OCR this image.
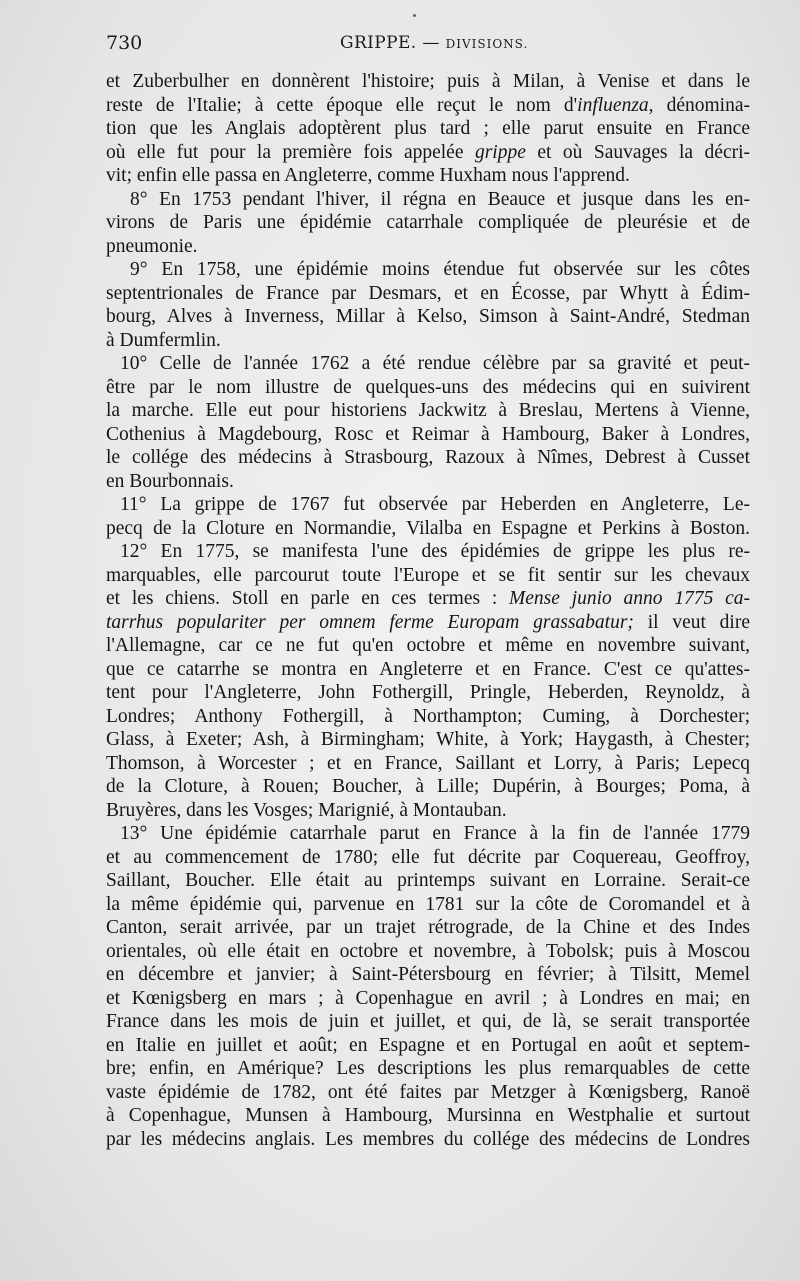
730	GRIPPE. — DIVISIONS.
et Zuberbulher en donnèrent l'histoire; puis à Milan, à Venise et dans le
reste de l'Italie; à cette époque elle reçut le nom d'influenza, dénomina-
tion que les Anglais adoptèrent plus tard ; elle parut ensuite en France
où elle fut pour la première fois appelée grippe et où Sauvages la décri-
vit; enfin elle passa en Angleterre, comme Huxham nous l'apprend.
8° En 1753 pendant l'hiver, il régna en Beauce et jusque dans les en-
virons de Paris une épidémie catarrhale compliquée de pleurésie et de
pneumonie.
9° En 1758, une épidémie moins étendue fut observée sur les côtes
septentrionales de France par Desmars, et en Écosse, par Whytt à Édim-
bourg, Alves à Inverness, Millar à Kelso, Simson à Saint-André, Stedman
à Dumfermlin.
10° Celle de l'année 1762 a été rendue célèbre par sa gravité et peut-
être par le nom illustre de quelques-uns des médecins qui en suivirent
la marche. Elle eut pour historiens Jackwitz à Breslau, Mertens à Vienne,
Cothenius à Magdebourg, Rosc et Reimar à Hambourg, Baker à Londres,
le collége des médecins à Strasbourg, Razoux à Nîmes, Debrest à Cusset
en Bourbonnais.
11° La grippe de 1767 fut observée par Heberden en Angleterre, Le-
pecq de la Cloture en Normandie, Vilalba en Espagne et Perkins à Boston.
12° En 1775, se manifesta l'une des épidémies de grippe les plus re-
marquables, elle parcourut toute l'Europe et se fit sentir sur les chevaux
et les chiens. Stoll en parle en ces termes : Mense junio anno 1775 ca-
tarrhus populariter per omnem ferme Europam grassabatur; il veut dire
l'Allemagne, car ce ne fut qu'en octobre et même en novembre suivant,
que ce catarrhe se montra en Angleterre et en France. C'est ce qu'attes-
tent pour l'Angleterre, John Fothergill, Pringle, Heberden, Reynoldz, à
Londres; Anthony Fothergill, à Northampton; Cuming, à Dorchester;
Glass, à Exeter; Ash, à Birmingham; White, à York; Haygasth, à Chester;
Thomson, à Worcester ; et en France, Saillant et Lorry, à Paris; Lepecq
de la Cloture, à Rouen; Boucher, à Lille; Dupérin, à Bourges; Poma, à
Bruyères, dans les Vosges; Marignié, à Montauban.
13° Une épidémie catarrhale parut en France à la fin de l'année 1779
et au commencement de 1780; elle fut décrite par Coquereau, Geoffroy,
Saillant, Boucher. Elle était au printemps suivant en Lorraine. Serait-ce
la même épidémie qui, parvenue en 1781 sur la côte de Coromandel et à
Canton, serait arrivée, par un trajet rétrograde, de la Chine et des Indes
orientales, où elle était en octobre et novembre, à Tobolsk; puis à Moscou
en décembre et janvier; à Saint-Pétersbourg en février; à Tilsitt, Memel
et Kœnigsberg en mars ; à Copenhague en avril ; à Londres en mai; en
France dans les mois de juin et juillet, et qui, de là, se serait transportée
en Italie en juillet et août; en Espagne et en Portugal en août et septem-
bre; enfin, en Amérique? Les descriptions les plus remarquables de cette
vaste épidémie de 1782, ont été faites par Metzger à Kœnigsberg, Ranoë
à Copenhague, Munsen à Hambourg, Mursinna en Westphalie et surtout
par les médecins anglais. Les membres du collége des médecins de Londres
